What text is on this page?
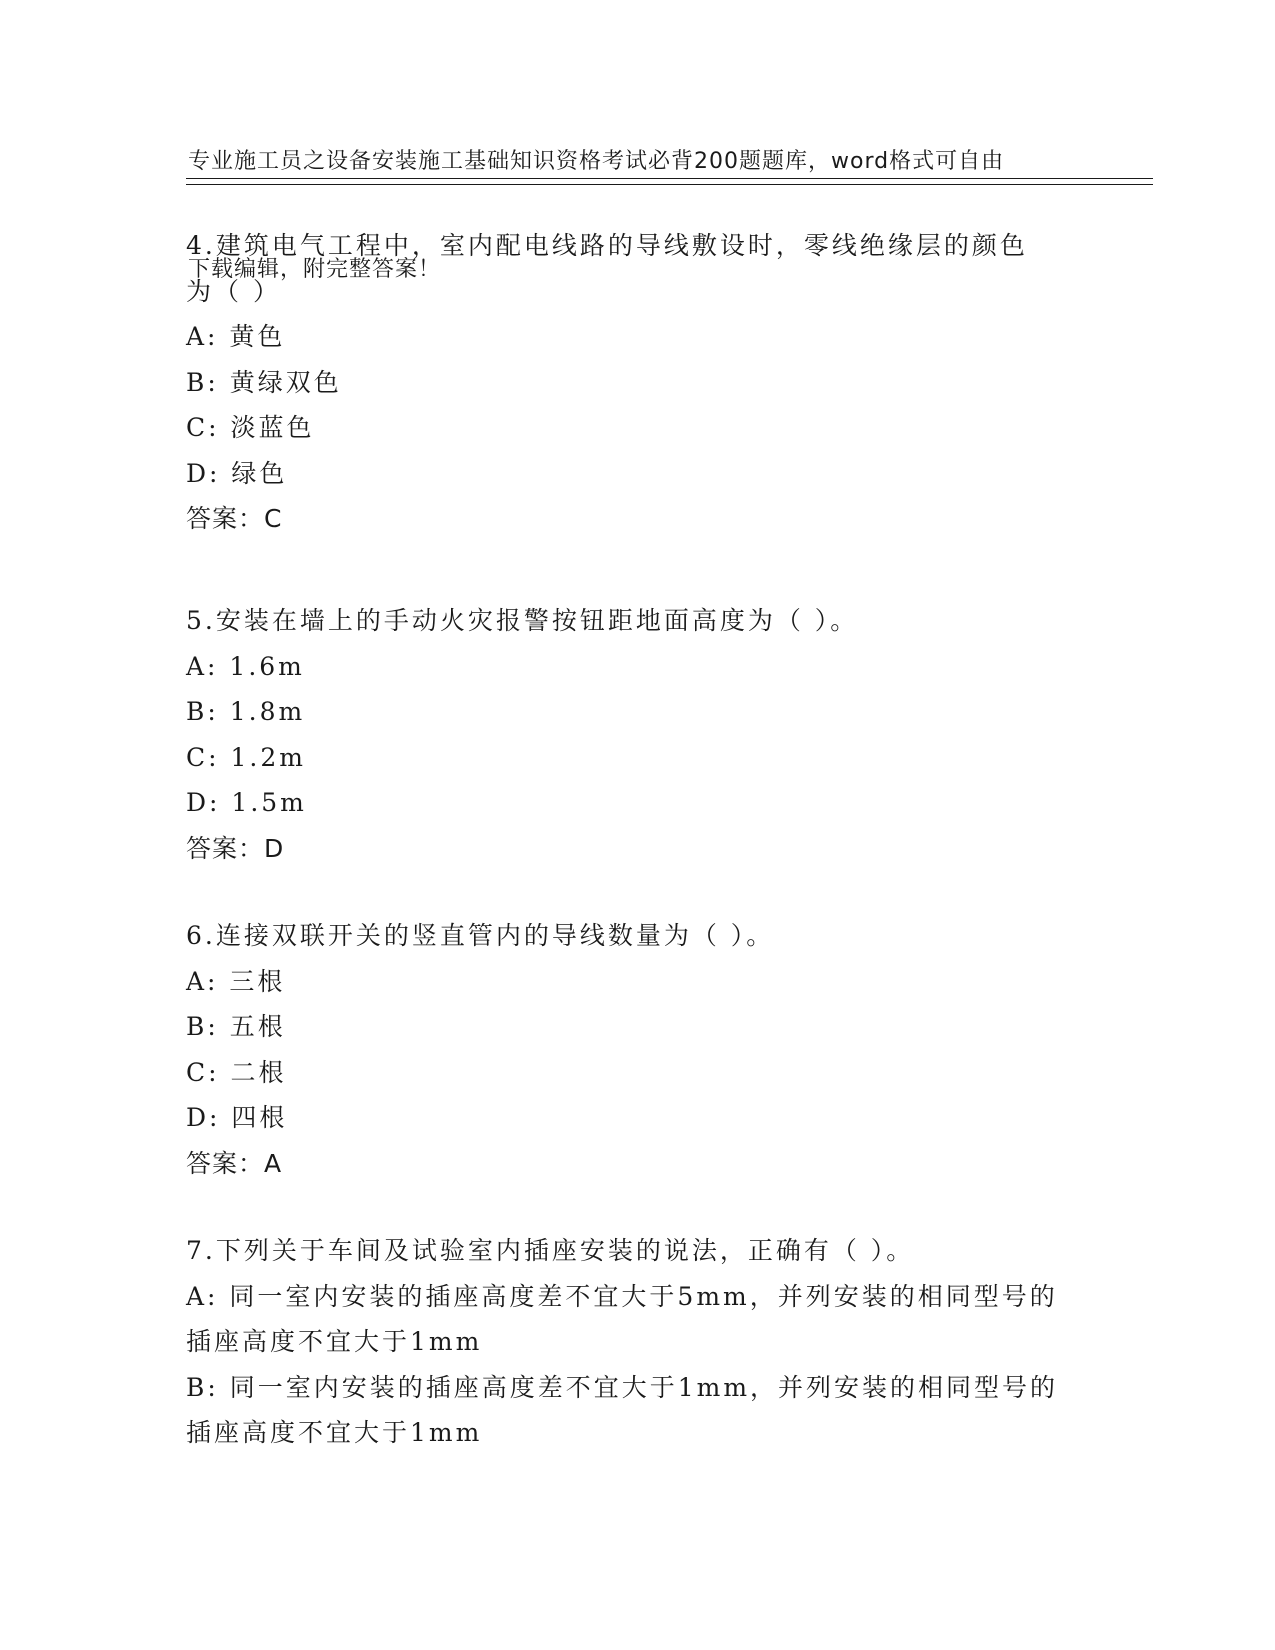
专业施工员之设备安装施工基础知识资格考试必背200题题库，word格式可自由

下载编辑，附完整答案！

4.建筑电气工程中，室内配电线路的导线敷设时，零线绝缘层的颜色
为（ ）
A: 黄色
B: 黄绿双色
C: 淡蓝色
D: 绿色
答案：C
5.安装在墙上的手动火灾报警按钮距地面高度为（ ）。
A: 1.6m
B: 1.8m
C: 1.2m
D: 1.5m
答案：D
6.连接双联开关的竖直管内的导线数量为（ ）。
A: 三根
B: 五根
C: 二根
D: 四根
答案：A
7.下列关于车间及试验室内插座安装的说法，正确有（ ）。
A: 同一室内安装的插座高度差不宜大于5mm，并列安装的相同型号的
插座高度不宜大于1mm
B: 同一室内安装的插座高度差不宜大于1mm，并列安装的相同型号的
插座高度不宜大于1mm
